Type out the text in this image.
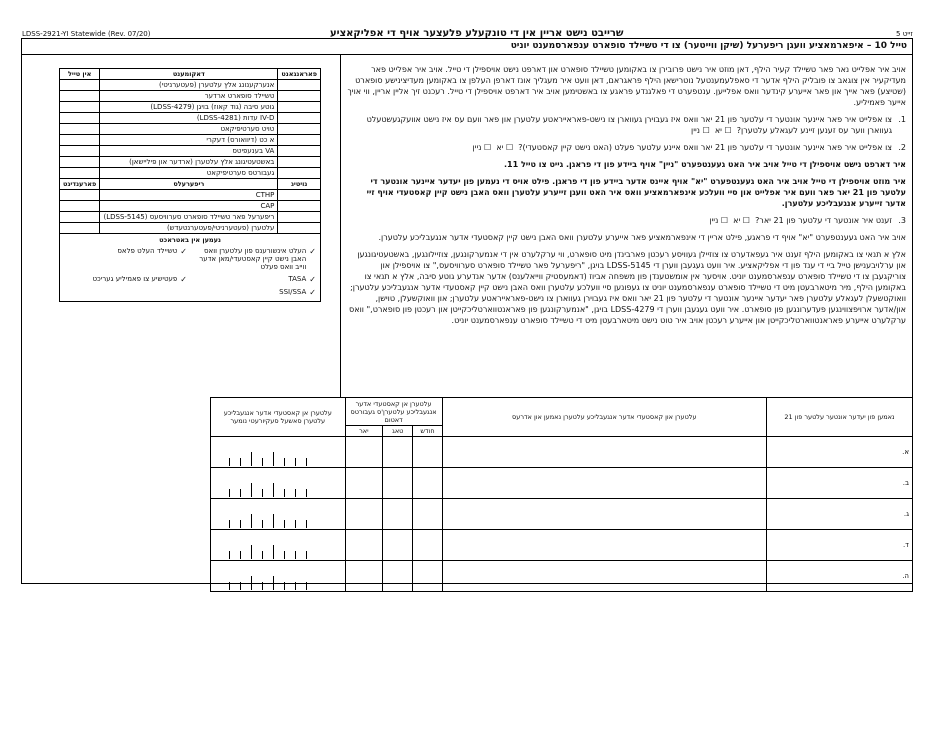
LDSS-2921-YI Statewide (Rev. 07/20)	שרייבט נישט אריין אין די טונקעלע פלעצער אויף די אפליקאציע	זייט 5
טייל 10 – איפארמאציע וועגן ריפערעל (שיקן ווייטער) צו די טשיילד סופארט ענפארסמענט יוניט

אויב איר אפלייט נאר פאר טשיילד קעיר הילף, דאן מוזט איר נישט פרובירן צו באקומען טשיילד סופארט און דארפט נישט אויספילן די טייל. אויב איר אפלייט פאר מעדיקעיר אין צוגאב צו פובליק הילף אדער די סאפלעמענטעל נוטרישאן הילף פראגראם, דאן וועט איר מעגליך אונז דארפן העלפן צו באקומען מעדיצינישע סופארט (שטיצע) פאר אייך און פאר אייערע קינדער וואס אפלייען. ענטפערט די פאלגנדע פראגע צו באשטימען אויב איר דארפט אויספילן די טייל. רעכנט זיך אליין אריין, ווי אויך אייער פאמיליע.

1.
צו אפלייט איר פאר איינער אונטער די עלטער פון 21 יאר וואס איז געבוירן געווארן צו נישט-פאראייראטע עלטערן און פאר וועם עס איז נישט אוועקגעשטעלט געווארן ווער עס זענען זיינע לעגאלע עלטערן?  ☐ יא  ☐ ניין

2.
צו אפלייט איר פאר איינער אונטער די עלטער פון 21 יאר וואס איינע עלטער פעלט (האט נישט קיין קאסטעדי)?  ☐ יא  ☐ ניין

איר דארפט נישט אויספילן די טייל אויב איר האט געענטפערט "ניין" אויף ביידע פון די פראגן. גייט צו טייל 11.

איר מוזט אויספילן די טייל אויב איר האט געענטפערט "יא" אויף איינס אדער ביידע פון די פראגן. פילט אויס די נעמען פון יעדער איינער אונטער די עלטער פון 21 יאר פאר וועם איר אפלייט און סיי וועלכע אינפארמאציע וואס איר האט וועגן זייערע עלטערן וואס האבן נישט קיין קאסטעדי אויף זיי אדער זייערע אנגעבליכע עלטערן.

3.
זענט איר אונטער די עלטער פון 21 יאר?  ☐ יא  ☐ ניין

אויב איר האט געענטפערט "יא" אויף די פראגע, פילט אריין די אינפארמאציע פאר אייערע עלטערן וואס האבן נישט קיין קאסטעדי אדער אנגעבליכע עלטערן.

אלץ א תנאי צו באקומען הילף זענט איר געפאדערט צו צוזיילן געוויסע רעכטן פארבינדן מיט סופארט, ווי ערקלערט אין די אנמערקונגען, צוזיילונגען, באשטעטיגונגען און ערלויבענישן טייל ביי די ענד פון די אפליקאציע. איר וועט געגעבן ווערן די LDSS-5145 בויגן, "ריפערעל פאר טשיילד סופארט סערוויסעס," צו אויספילן און צוריקגעבן צו די טשיילד סופארט ענפארסמענט יוניט. אויסער אין אומשטענדן פון משפחה אביוז (דאמעסטיק ווייאלענס) אדער אנדערע גוטע סיבה, אלץ א תנאי צו באקומען הילף, מיר מיטארבעטן מיט די טשיילד סופארט ענפארסמענט יוניט צו געפונען סיי וועלכע עלטערן וואס האבן נישט קיין קאסטעדי אדער אנגעבליכע עלטערן; וואוקטשעלן לעגאלע עלטערן פאר יעדער איינער אונטער די עלטער פון 21 יאר וואס איז געבוירן געווארן צו נישט-פאראייראטע עלטערן; און וואוקשעלן, טוישן, און/אדער ארויפצווינגען פעדערונגען פון סופארט. איר וועט געגעבן ווערן די LDSS-4279 בויגן, "אנמערקונגען פון פאראנטווארטליכקייטן און רעכטן פון סופארט," וואס ערקלערט אייערע פאראנטווארטליכקייטן און אייערע רעכטן אויב איר טוט נישט מיטארבעטן מיט די טשיילד סופארט ענפארסמענט יוניט.

פאראנגאנט	דאקומענט	אין טייל
	אנערקענונג אלץ עלטערן (פעטערניטי)	
	טשיילד סופארט ארדער	
	גוטע סיבה (גוד קאוז) בויגן (LDSS-4279)	
	IV-D עדות (LDSS-4281)	
	טויט סערטיפיקאט	
	א כט (דיוואורס) דעקרי	
	VA בענעפיטס	
	באשטעטיגונג אלץ עלטערן (ארדער און פיליישאן)	
	געבורטס סערטיפיקאט	
נויטיג	ריפערעלס	פארענדיגט
	CTHP	
	CAP	
	ריפערעל פאר טשיילד סופארט סערוויסעס (LDSS-5145)	
	עלטערן (פעטערניטי/פעטערנטעדש)	
נעמען אין באטראכט
✓
העלט אינשורענס פון עלטערן וואס האבן נישט קיין קאסטעדי/מאן אדער ווייב וואס פעלט
✓
טשיילד העלט פלאס
✓
TASA
✓
פעטישיע צו פאמיליע געריכט
✓
SSI/SSA
נאמען פון יעדער אונטער עלטער פון 21	עלטערן און קאסטעדי אדער אנגעבליכע עלטערן נאמען און אדרעס	עלטערן אן קאסטעדי אדער אנגעבליכע עלטערן'ס געבורטס דאטום			עלטערן אן קאסטעדי אדער אנגעבליכע עלטערן סאשעל סעקיורעטי נומער
		חודש	טאג	יאר	
א.					

ב.					

ג.					

ד.					

ה.					
